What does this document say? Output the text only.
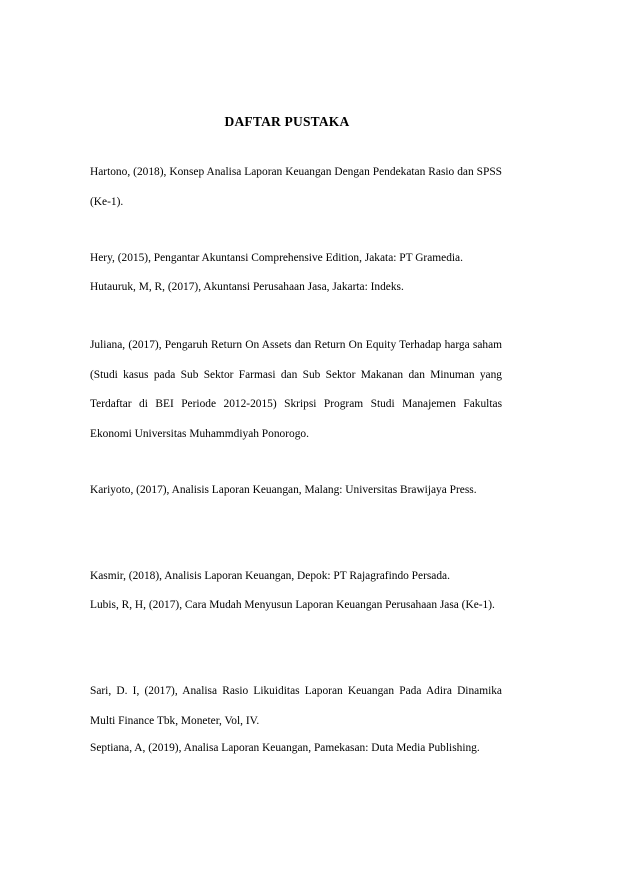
DAFTAR PUSTAKA

Hartono, (2018), Konsep Analisa Laporan Keuangan Dengan Pendekatan Rasio dan SPSS (Ke-1).

Hery, (2015), Pengantar Akuntansi Comprehensive Edition, Jakata: PT Gramedia.

Hutauruk, M, R, (2017), Akuntansi Perusahaan Jasa, Jakarta: Indeks.

Juliana, (2017), Pengaruh Return On Assets dan Return On Equity Terhadap harga saham (Studi kasus pada Sub Sektor Farmasi dan Sub Sektor Makanan dan Minuman yang Terdaftar di BEI Periode 2012-2015) Skripsi Program Studi Manajemen Fakultas Ekonomi Universitas Muhammdiyah Ponorogo.

Kariyoto, (2017), Analisis Laporan Keuangan, Malang: Universitas Brawijaya Press.

Kasmir, (2018), Analisis Laporan Keuangan, Depok: PT Rajagrafindo Persada.

Lubis, R, H, (2017), Cara Mudah Menyusun Laporan Keuangan Perusahaan Jasa (Ke-1).

Sari, D. I, (2017), Analisa Rasio Likuiditas Laporan Keuangan Pada Adira Dinamika Multi Finance Tbk, Moneter, Vol, IV.

Septiana, A, (2019), Analisa Laporan Keuangan, Pamekasan: Duta Media Publishing.
